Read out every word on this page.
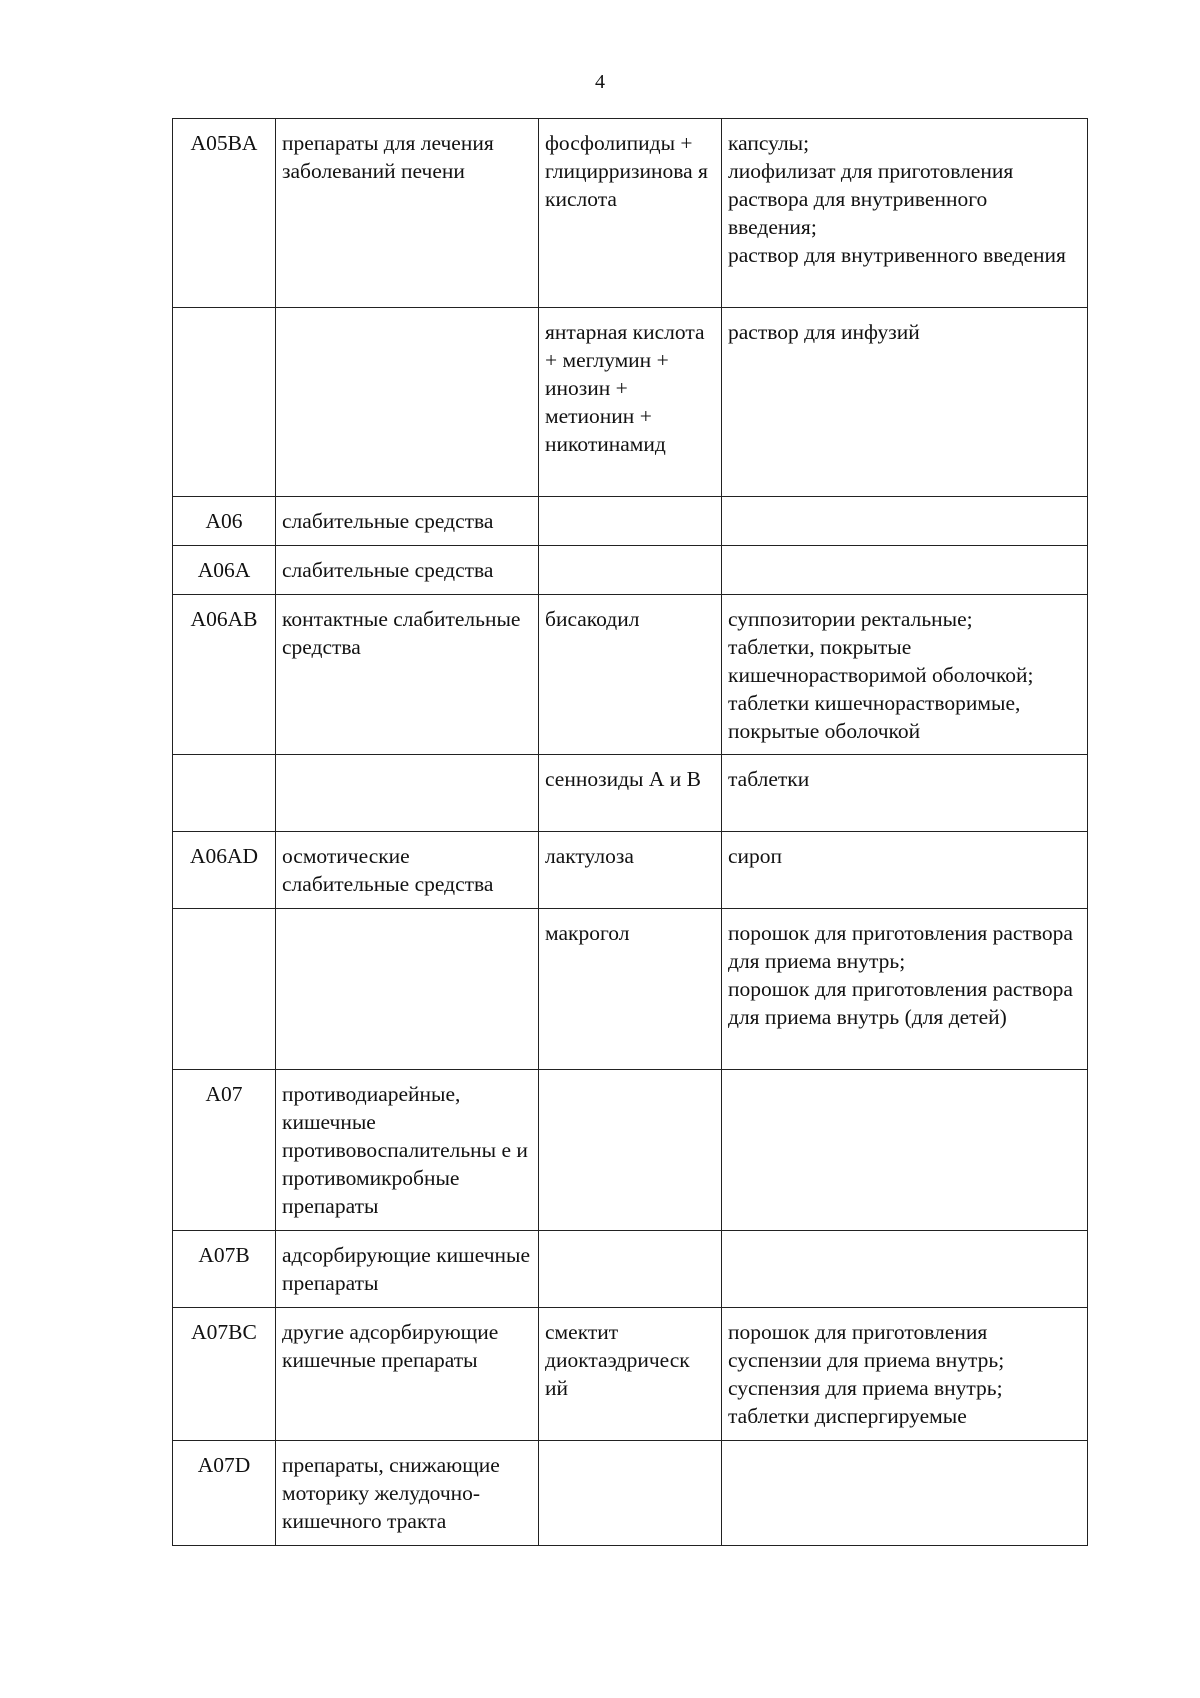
4
A05BA	препараты для лечения заболеваний печени	фосфолипиды + глицирризинова я кислота	капсулы;
лиофилизат для приготовления раствора для внутривенного введения;
раствор для внутривенного введения

		янтарная кислота + меглумин + инозин + метионин + никотинамид	раствор для инфузий

A06	слабительные средства		
A06A	слабительные средства		
A06AB	контактные слабительные средства	бисакодил	суппозитории ректальные;
таблетки, покрытые кишечнорастворимой оболочкой;
таблетки кишечнорастворимые, покрытые оболочкой

		сеннозиды А и В	таблетки

A06AD	осмотические слабительные средства	лактулоза	сироп

		макрогол	порошок для приготовления раствора для приема внутрь;
порошок для приготовления раствора для приема внутрь (для детей)

A07	противодиарейные, кишечные противовоспалительны е и противомикробные препараты		
A07B	адсорбирующие кишечные препараты		
A07BC	другие адсорбирующие кишечные препараты	смектит диоктаэдрическ ий	порошок для приготовления суспензии для приема внутрь;
суспензия для приема внутрь;
таблетки диспергируемые

A07D	препараты, снижающие моторику желудочно-кишечного тракта		
